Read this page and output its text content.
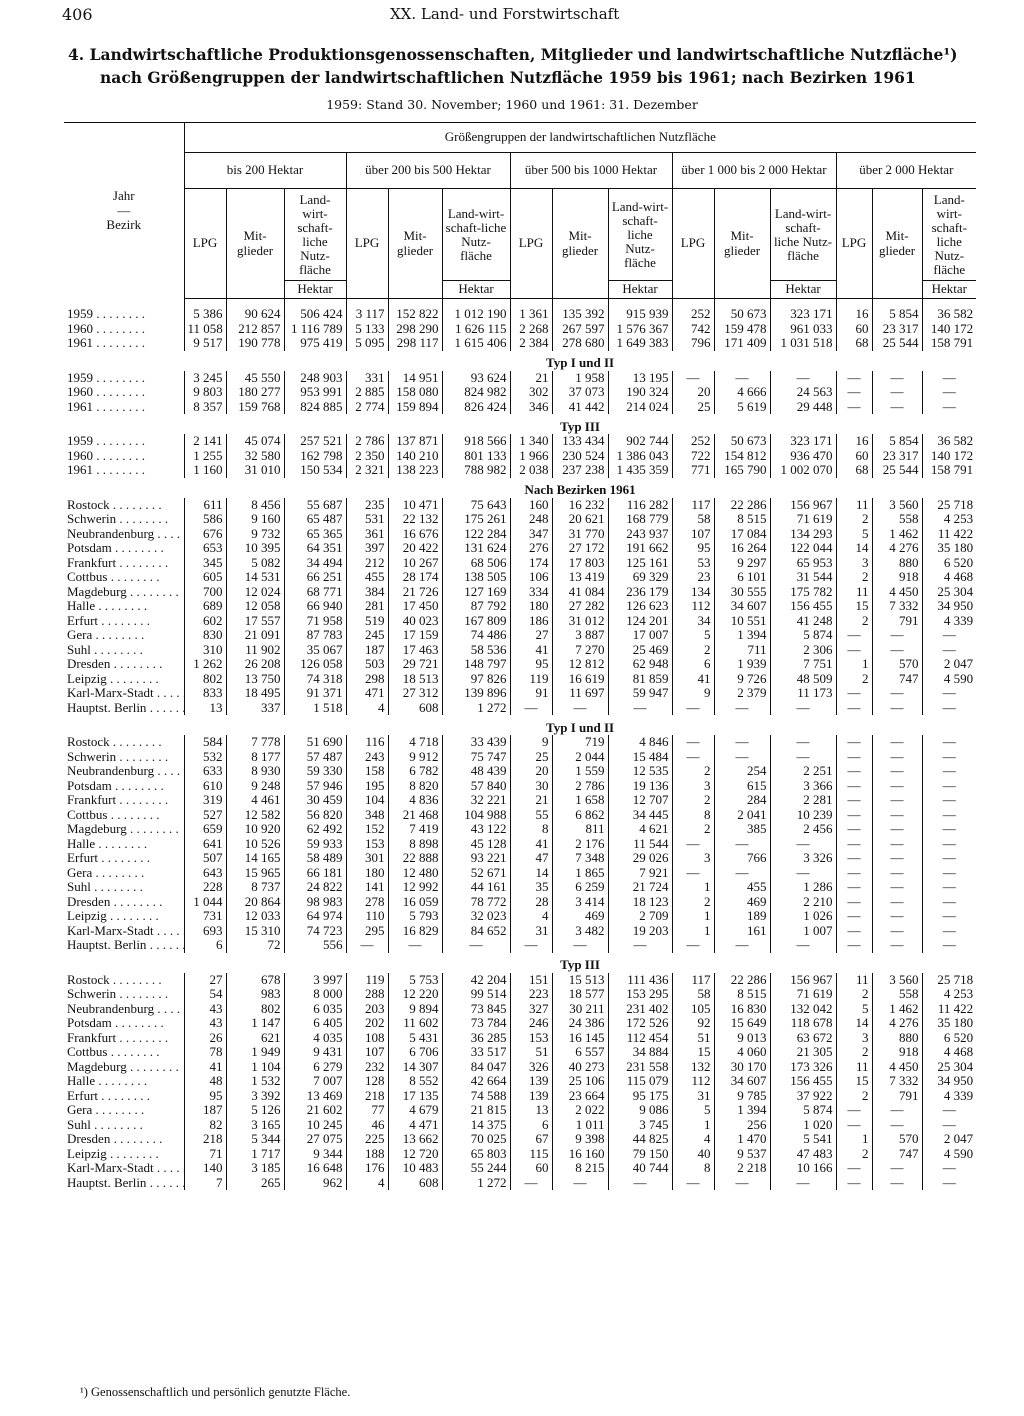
406	XX. Land- und Forstwirtschaft
4. Landwirtschaftliche Produktionsgenossenschaften, Mitglieder und landwirtschaftliche Nutzfläche¹)
nach Größengruppen der landwirtschaftlichen Nutzfläche 1959 bis 1961; nach Bezirken 1961
1959: Stand 30. November; 1960 und 1961: 31. Dezember
Jahr
—
Bezirk	Größengruppen der landwirtschaftlichen Nutzfläche														
	bis 200 Hektar			über 200 bis 500 Hektar			über 500 bis 1000 Hektar			über 1 000 bis 2 000 Hektar			über 2 000 Hektar		
	LPG	Mit-glieder	Land-wirt-schaft-liche Nutz-fläche	LPG	Mit-glieder	Land-wirt-schaft-liche Nutz-fläche	LPG	Mit-glieder	Land-wirt-schaft-liche Nutz-fläche	LPG	Mit-glieder	Land-wirt-schaft-liche Nutz-fläche	LPG	Mit-glieder	Land-wirt-schaft-liche Nutz-fläche
			Hektar			Hektar			Hektar			Hektar			Hektar

1959 . . .	5 386	90 624	506 424	3 117	152 822	1 012 190	1 361	135 392	915 939	252	50 673	323 171	16	5 854	36 582
1960 . . .	11 058	212 857	1 116 789	5 133	298 290	1 626 115	2 268	267 597	1 576 367	742	159 478	961 033	60	23 317	140 172
1961 . . .	9 517	190 778	975 419	5 095	298 117	1 615 406	2 384	278 680	1 649 383	796	171 409	1 031 518	68	25 544	158 791
	Typ I und II														
1959 . . .	3 245	45 550	248 903	331	14 951	93 624	21	1 958	13 195	—	—	—	—	—	—
1960 . . .	9 803	180 277	953 991	2 885	158 080	824 982	302	37 073	190 324	20	4 666	24 563	—	—	—
1961 . . .	8 357	159 768	824 885	2 774	159 894	826 424	346	41 442	214 024	25	5 619	29 448	—	—	—
	Typ III														
1959 . . .	2 141	45 074	257 521	2 786	137 871	918 566	1 340	133 434	902 744	252	50 673	323 171	16	5 854	36 582
1960 . . .	1 255	32 580	162 798	2 350	140 210	801 133	1 966	230 524	1 386 043	722	154 812	936 470	60	23 317	140 172
1961 . . .	1 160	31 010	150 534	2 321	138 223	788 982	2 038	237 238	1 435 359	771	165 790	1 002 070	68	25 544	158 791
	Nach Bezirken 1961														
Rostock . . .	611	8 456	55 687	235	10 471	75 643	160	16 232	116 282	117	22 286	156 967	11	3 560	25 718
Schwerin . . .	586	9 160	65 487	531	22 132	175 261	248	20 621	168 779	58	8 515	71 619	2	558	4 253
Neubrandenburg . . .	676	9 732	65 365	361	16 676	122 284	347	31 770	243 937	107	17 084	134 293	5	1 462	11 422
Potsdam . . .	653	10 395	64 351	397	20 422	131 624	276	27 172	191 662	95	16 264	122 044	14	4 276	35 180
Frankfurt . . .	345	5 082	34 494	212	10 267	68 506	174	17 803	125 161	53	9 297	65 953	3	880	6 520
Cottbus . . .	605	14 531	66 251	455	28 174	138 505	106	13 419	69 329	23	6 101	31 544	2	918	4 468
Magdeburg . . .	700	12 024	68 771	384	21 726	127 169	334	41 084	236 179	134	30 555	175 782	11	4 450	25 304
Halle . . .	689	12 058	66 940	281	17 450	87 792	180	27 282	126 623	112	34 607	156 455	15	7 332	34 950
Erfurt . . .	602	17 557	71 958	519	40 023	167 809	186	31 012	124 201	34	10 551	41 248	2	791	4 339
Gera . . .	830	21 091	87 783	245	17 159	74 486	27	3 887	17 007	5	1 394	5 874	—	—	—
Suhl . . .	310	11 902	35 067	187	17 463	58 536	41	7 270	25 469	2	711	2 306	—	—	—
Dresden . . .	1 262	26 208	126 058	503	29 721	148 797	95	12 812	62 948	6	1 939	7 751	1	570	2 047
Leipzig . . .	802	13 750	74 318	298	18 513	97 826	119	16 619	81 859	41	9 726	48 509	2	747	4 590
Karl-Marx-Stadt . . .	833	18 495	91 371	471	27 312	139 896	91	11 697	59 947	9	2 379	11 173	—	—	—
Hauptst. Berlin . . .	13	337	1 518	4	608	1 272	—	—	—	—	—	—	—	—	—
	Typ I und II														
Rostock . . .	584	7 778	51 690	116	4 718	33 439	9	719	4 846	—	—	—	—	—	—
Schwerin . . .	532	8 177	57 487	243	9 912	75 747	25	2 044	15 484	—	—	—	—	—	—
Neubrandenburg . . .	633	8 930	59 330	158	6 782	48 439	20	1 559	12 535	2	254	2 251	—	—	—
Potsdam . . .	610	9 248	57 946	195	8 820	57 840	30	2 786	19 136	3	615	3 366	—	—	—
Frankfurt . . .	319	4 461	30 459	104	4 836	32 221	21	1 658	12 707	2	284	2 281	—	—	—
Cottbus . . .	527	12 582	56 820	348	21 468	104 988	55	6 862	34 445	8	2 041	10 239	—	—	—
Magdeburg . . .	659	10 920	62 492	152	7 419	43 122	8	811	4 621	2	385	2 456	—	—	—
Halle . . .	641	10 526	59 933	153	8 898	45 128	41	2 176	11 544	—	—	—	—	—	—
Erfurt . . .	507	14 165	58 489	301	22 888	93 221	47	7 348	29 026	3	766	3 326	—	—	—
Gera . . .	643	15 965	66 181	180	12 480	52 671	14	1 865	7 921	—	—	—	—	—	—
Suhl . . .	228	8 737	24 822	141	12 992	44 161	35	6 259	21 724	1	455	1 286	—	—	—
Dresden . . .	1 044	20 864	98 983	278	16 059	78 772	28	3 414	18 123	2	469	2 210	—	—	—
Leipzig . . .	731	12 033	64 974	110	5 793	32 023	4	469	2 709	1	189	1 026	—	—	—
Karl-Marx-Stadt . . .	693	15 310	74 723	295	16 829	84 652	31	3 482	19 203	1	161	1 007	—	—	—
Hauptst. Berlin . . .	6	72	556	—	—	—	—	—	—	—	—	—	—	—	—
	Typ III														
Rostock . . .	27	678	3 997	119	5 753	42 204	151	15 513	111 436	117	22 286	156 967	11	3 560	25 718
Schwerin . . .	54	983	8 000	288	12 220	99 514	223	18 577	153 295	58	8 515	71 619	2	558	4 253
Neubrandenburg . . .	43	802	6 035	203	9 894	73 845	327	30 211	231 402	105	16 830	132 042	5	1 462	11 422
Potsdam . . .	43	1 147	6 405	202	11 602	73 784	246	24 386	172 526	92	15 649	118 678	14	4 276	35 180
Frankfurt . . .	26	621	4 035	108	5 431	36 285	153	16 145	112 454	51	9 013	63 672	3	880	6 520
Cottbus . . .	78	1 949	9 431	107	6 706	33 517	51	6 557	34 884	15	4 060	21 305	2	918	4 468
Magdeburg . . .	41	1 104	6 279	232	14 307	84 047	326	40 273	231 558	132	30 170	173 326	11	4 450	25 304
Halle . . .	48	1 532	7 007	128	8 552	42 664	139	25 106	115 079	112	34 607	156 455	15	7 332	34 950
Erfurt . . .	95	3 392	13 469	218	17 135	74 588	139	23 664	95 175	31	9 785	37 922	2	791	4 339
Gera . . .	187	5 126	21 602	77	4 679	21 815	13	2 022	9 086	5	1 394	5 874	—	—	—
Suhl . . .	82	3 165	10 245	46	4 471	14 375	6	1 011	3 745	1	256	1 020	—	—	—
Dresden . . .	218	5 344	27 075	225	13 662	70 025	67	9 398	44 825	4	1 470	5 541	1	570	2 047
Leipzig . . .	71	1 717	9 344	188	12 720	65 803	115	16 160	79 150	40	9 537	47 483	2	747	4 590
Karl-Marx-Stadt . . .	140	3 185	16 648	176	10 483	55 244	60	8 215	40 744	8	2 218	10 166	—	—	—
Hauptst. Berlin . . .	7	265	962	4	608	1 272	—	—	—	—	—	—	—	—	—
¹) Genossenschaftlich und persönlich genutzte Fläche.
